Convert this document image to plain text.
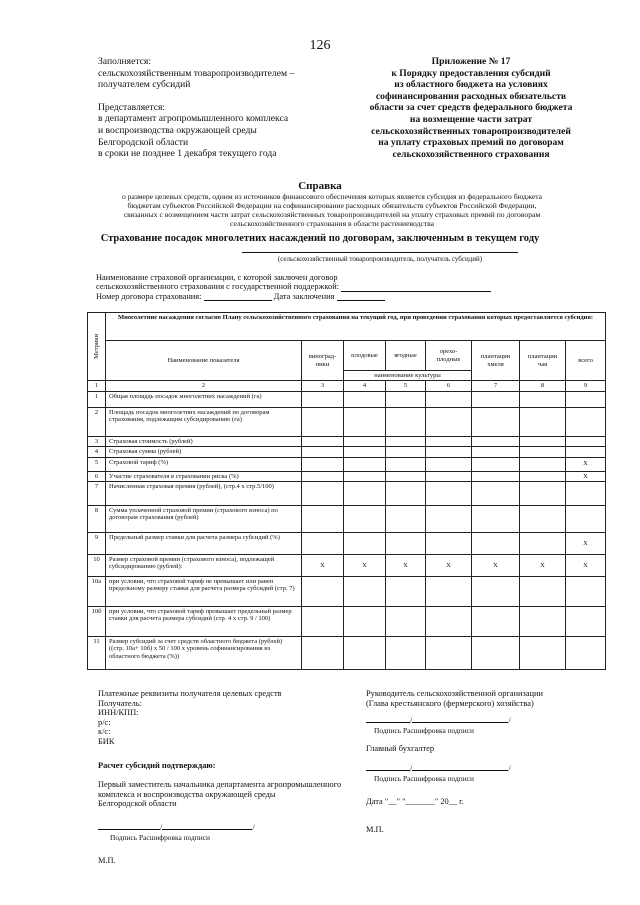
126
Заполняется:
сельскохозяйственным товаропроизводителем –
получателем субсидий
Представляется:
в департамент агропромышленного комплекса
и воспроизводства окружающей среды
Белгородской области
в сроки не позднее 1 декабря текущего года
Приложение № 17
к Порядку предоставления субсидий
из областного бюджета на условиях
софинансирования расходных обязательств
области за счет средств федерального бюджета
на возмещение части затрат
сельскохозяйственных товаропроизводителей
на уплату страховых премий по договорам
сельскохозяйственного страхования
Справка
о размере целевых средств, одним из источников финансового обеспечения которых является субсидия из федерального бюджета
бюджетам субъектов Российской Федерации на софинансирование расходных обязательств субъектов Российской Федерации,
связанных с возмещением части затрат сельскохозяйственных товаропроизводителей на уплату страховых премий по договорам
сельскохозяйственного страхования в области растениеводства
Страхование посадок многолетних насаждений по договорам, заключенным в текущем году
(сельскохозяйственный товаропроизводитель, получатель субсидий)
Наименование страховой организации, с которой заключен договор
сельскохозяйственного страхования с государственной поддержкой:
Номер договора страхования:	Дата заключения
Метрики	Многолетние насаждения согласно Плану сельскохозяйственного страхования на текущий год, при проведении страхования которых предоставляется субсидия:							
	Наименование показателя	виноград-ники	плодовые	ягодные	орехо-плодные	плантации хмеля	плантации чая	всего
			наименование культуры					
1	2	3	4	5	6	7	8	9
1	Общая площадь посадок многолетних насаждений (га)							
2	Площадь посадок многолетних насаждений по договорам страхования, подлежащим субсидированию (га)							
3	Страховая стоимость (рублей)							
4	Страховая сумма (рублей)							
5	Страховой тариф (%)							X
6	Участие страхователя в страховании риска (%)							X
7	Начисленная страховая премия (рублей), (стр.4 х стр.5/100)							
8	Сумма уплаченной страховой премии (страхового взноса) по договорам страхования (рублей)							
9	Предельный размер ставки для расчета размера субсидий (%)							X
10	Размер страховой премии (страхового взноса), подлежащей субсидированию (рублей):	X	X	X	X	X	X	X
10а	при условии, что страховой тариф не превышает или равен предельному размеру ставки для расчета размера субсидий (стр. 7)							
10б	при условии, что страховой тариф превышает предельный размер ставки для расчета размера субсидий (стр. 4 х стр. 9 / 100)							
11	Размер субсидий за счет средств областного бюджета (рублей) ((стр. 10а+ 10б) х 50 / 100 х уровень софинансирования из областного бюджета (%))							
Платежные реквизиты получателя целевых средств
Получатель:
ИНН/КПП:
р/с:
к/с:
БИК
Расчет субсидий подтверждаю:
Первый заместитель начальника департамента агропромышленного
комплекса и воспроизводства окружающей среды
Белгородской области
/	/
Подпись Расшифровка подписи
М.П.
Руководитель сельскохозяйственной организации
(Глава крестьянского (фермерского) хозяйства)
/	/
Подпись Расшифровка подписи
Главный бухгалтер
/	/
Подпись Расшифровка подписи
Дата "__" "_______" 20__ г.
М.П.
